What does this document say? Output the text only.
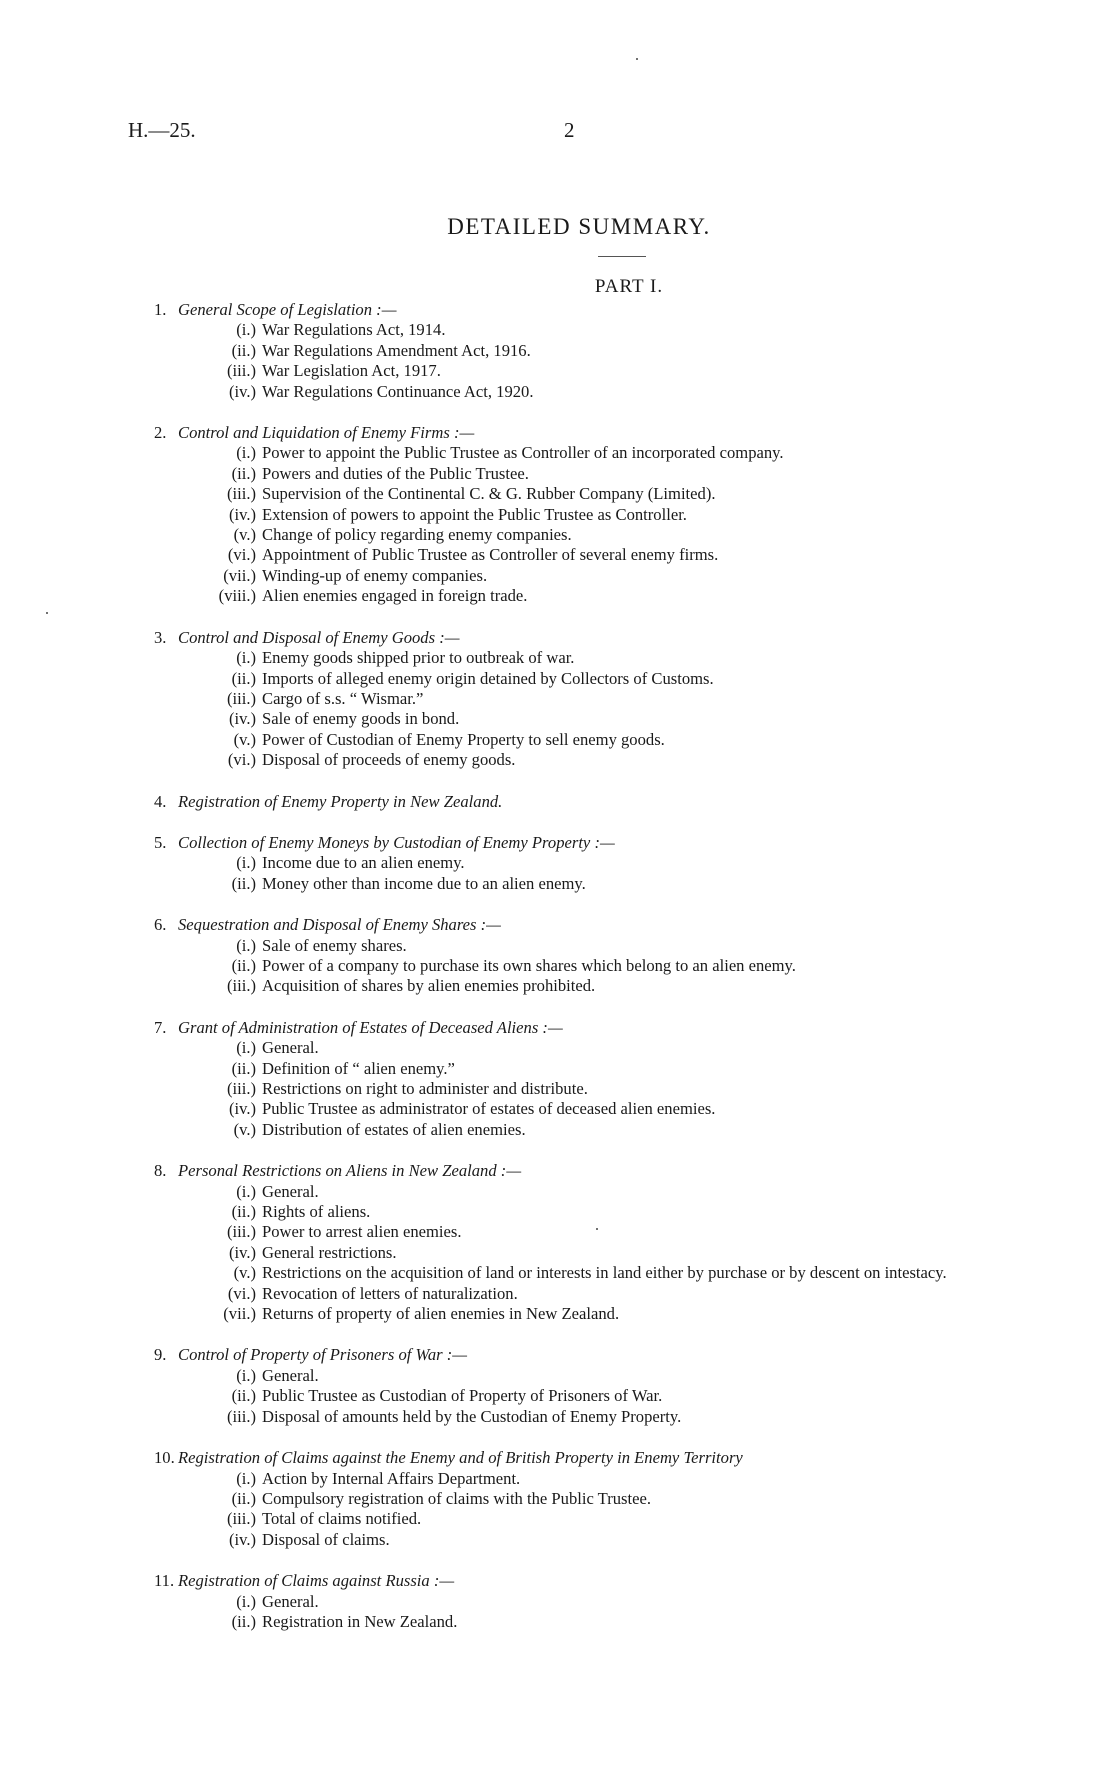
H.—25.	2
DETAILED SUMMARY.
PART I.
1. General Scope of Legislation :—
(i.) War Regulations Act, 1914.
(ii.) War Regulations Amendment Act, 1916.
(iii.) War Legislation Act, 1917.
(iv.) War Regulations Continuance Act, 1920.
2. Control and Liquidation of Enemy Firms :—
(i.) Power to appoint the Public Trustee as Controller of an incorporated company.
(ii.) Powers and duties of the Public Trustee.
(iii.) Supervision of the Continental C. & G. Rubber Company (Limited).
(iv.) Extension of powers to appoint the Public Trustee as Controller.
(v.) Change of policy regarding enemy companies.
(vi.) Appointment of Public Trustee as Controller of several enemy firms.
(vii.) Winding-up of enemy companies.
(viii.) Alien enemies engaged in foreign trade.
3. Control and Disposal of Enemy Goods :—
(i.) Enemy goods shipped prior to outbreak of war.
(ii.) Imports of alleged enemy origin detained by Collectors of Customs.
(iii.) Cargo of s.s. “ Wismar.”
(iv.) Sale of enemy goods in bond.
(v.) Power of Custodian of Enemy Property to sell enemy goods.
(vi.) Disposal of proceeds of enemy goods.
4. Registration of Enemy Property in New Zealand.
5. Collection of Enemy Moneys by Custodian of Enemy Property :—
(i.) Income due to an alien enemy.
(ii.) Money other than income due to an alien enemy.
6. Sequestration and Disposal of Enemy Shares :—
(i.) Sale of enemy shares.
(ii.) Power of a company to purchase its own shares which belong to an alien enemy.
(iii.) Acquisition of shares by alien enemies prohibited.
7. Grant of Administration of Estates of Deceased Aliens :—
(i.) General.
(ii.) Definition of “ alien enemy.”
(iii.) Restrictions on right to administer and distribute.
(iv.) Public Trustee as administrator of estates of deceased alien enemies.
(v.) Distribution of estates of alien enemies.
8. Personal Restrictions on Aliens in New Zealand :—
(i.) General.
(ii.) Rights of aliens.
(iii.) Power to arrest alien enemies.
(iv.) General restrictions.
(v.) Restrictions on the acquisition of land or interests in land either by purchase or by descent on intestacy.
(vi.) Revocation of letters of naturalization.
(vii.) Returns of property of alien enemies in New Zealand.
9. Control of Property of Prisoners of War :—
(i.) General.
(ii.) Public Trustee as Custodian of Property of Prisoners of War.
(iii.) Disposal of amounts held by the Custodian of Enemy Property.
10. Registration of Claims against the Enemy and of British Property in Enemy Territory
(i.) Action by Internal Affairs Department.
(ii.) Compulsory registration of claims with the Public Trustee.
(iii.) Total of claims notified.
(iv.) Disposal of claims.
11. Registration of Claims against Russia :—
(i.) General.
(ii.) Registration in New Zealand.
